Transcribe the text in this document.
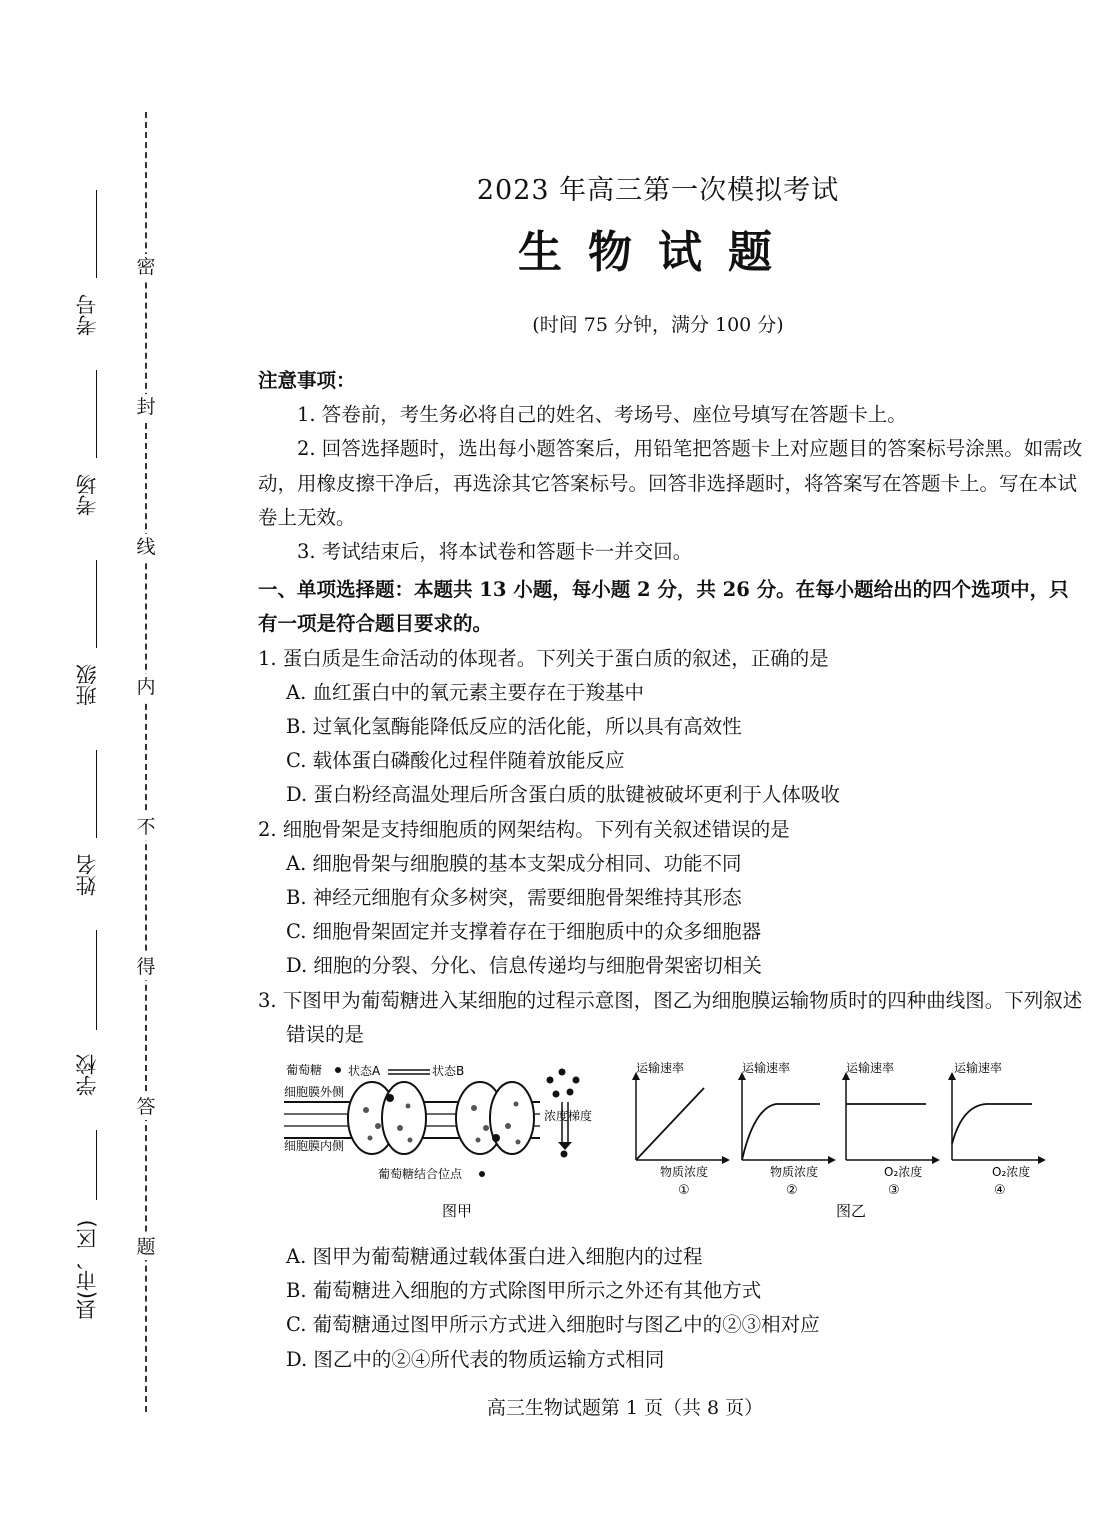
考号
考场
班级
姓名
学校
县(市、区)
密
封
线
内
不
得
答
题
2023 年高三第一次模拟考试
生物试题
(时间 75 分钟，满分 100 分)

注意事项：

1. 答卷前，考生务必将自己的姓名、考场号、座位号填写在答题卡上。

2. 回答选择题时，选出每小题答案后，用铅笔把答题卡上对应题目的答案标号涂黑。如需改动，用橡皮擦干净后，再选涂其它答案标号。回答非选择题时，将答案写在答题卡上。写在本试卷上无效。

3. 考试结束后，将本试卷和答题卡一并交回。

一、单项选择题：本题共 13 小题，每小题 2 分，共 26 分。在每小题给出的四个选项中，只有一项是符合题目要求的。

1. 蛋白质是生命活动的体现者。下列关于蛋白质的叙述，正确的是

A. 血红蛋白中的氧元素主要存在于羧基中

B. 过氧化氢酶能降低反应的活化能，所以具有高效性

C. 载体蛋白磷酸化过程伴随着放能反应

D. 蛋白粉经高温处理后所含蛋白质的肽键被破坏更利于人体吸收

2. 细胞骨架是支持细胞质的网架结构。下列有关叙述错误的是

A. 细胞骨架与细胞膜的基本支架成分相同、功能不同

B. 神经元细胞有众多树突，需要细胞骨架维持其形态

C. 细胞骨架固定并支撑着存在于细胞质中的众多细胞器

D. 细胞的分裂、分化、信息传递均与细胞骨架密切相关

3. 下图甲为葡萄糖进入某细胞的过程示意图，图乙为细胞膜运输物质时的四种曲线图。下列叙述错误的是

A. 图甲为葡萄糖通过载体蛋白进入细胞内的过程

B. 葡萄糖进入细胞的方式除图甲所示之外还有其他方式

C. 葡萄糖通过图甲所示方式进入细胞时与图乙中的②③相对应

D. 图乙中的②④所代表的物质运输方式相同

葡萄糖 状态A	状态B
细胞膜外侧
细胞膜内侧
葡萄糖结合位点
浓度梯度
图甲
运输速率
物质浓度
①
运输速率
物质浓度
②
运输速率
O₂浓度
③
运输速率
O₂浓度
④
图乙
高三生物试题第 1 页（共 8 页）
